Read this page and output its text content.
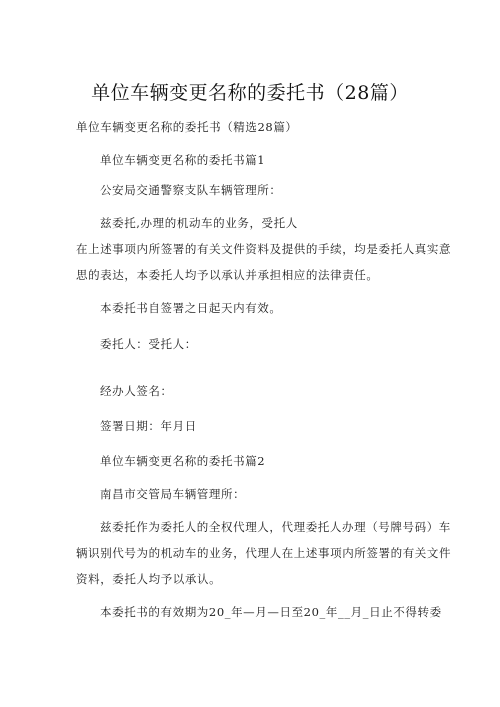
单位车辆变更名称的委托书（28篇）
单位车辆变更名称的委托书（精选28篇）
单位车辆变更名称的委托书篇1
公安局交通警察支队车辆管理所：
兹委托,办理的机动车的业务，受托人
在上述事项内所签署的有关文件资料及提供的手续，均是委托人真实意
思的表达，本委托人均予以承认并承担相应的法律责任。
本委托书自签署之日起天内有效。
委托人：受托人：
经办人签名：
签署日期：年月日
单位车辆变更名称的委托书篇2
南昌市交管局车辆管理所：
兹委托作为委托人的全权代理人，代理委托人办理（号牌号码）车
辆识别代号为的机动车的业务，代理人在上述事项内所签署的有关文件
资料，委托人均予以承认。
本委托书的有效期为20_年—月—日至20_年__月_日止不得转委
